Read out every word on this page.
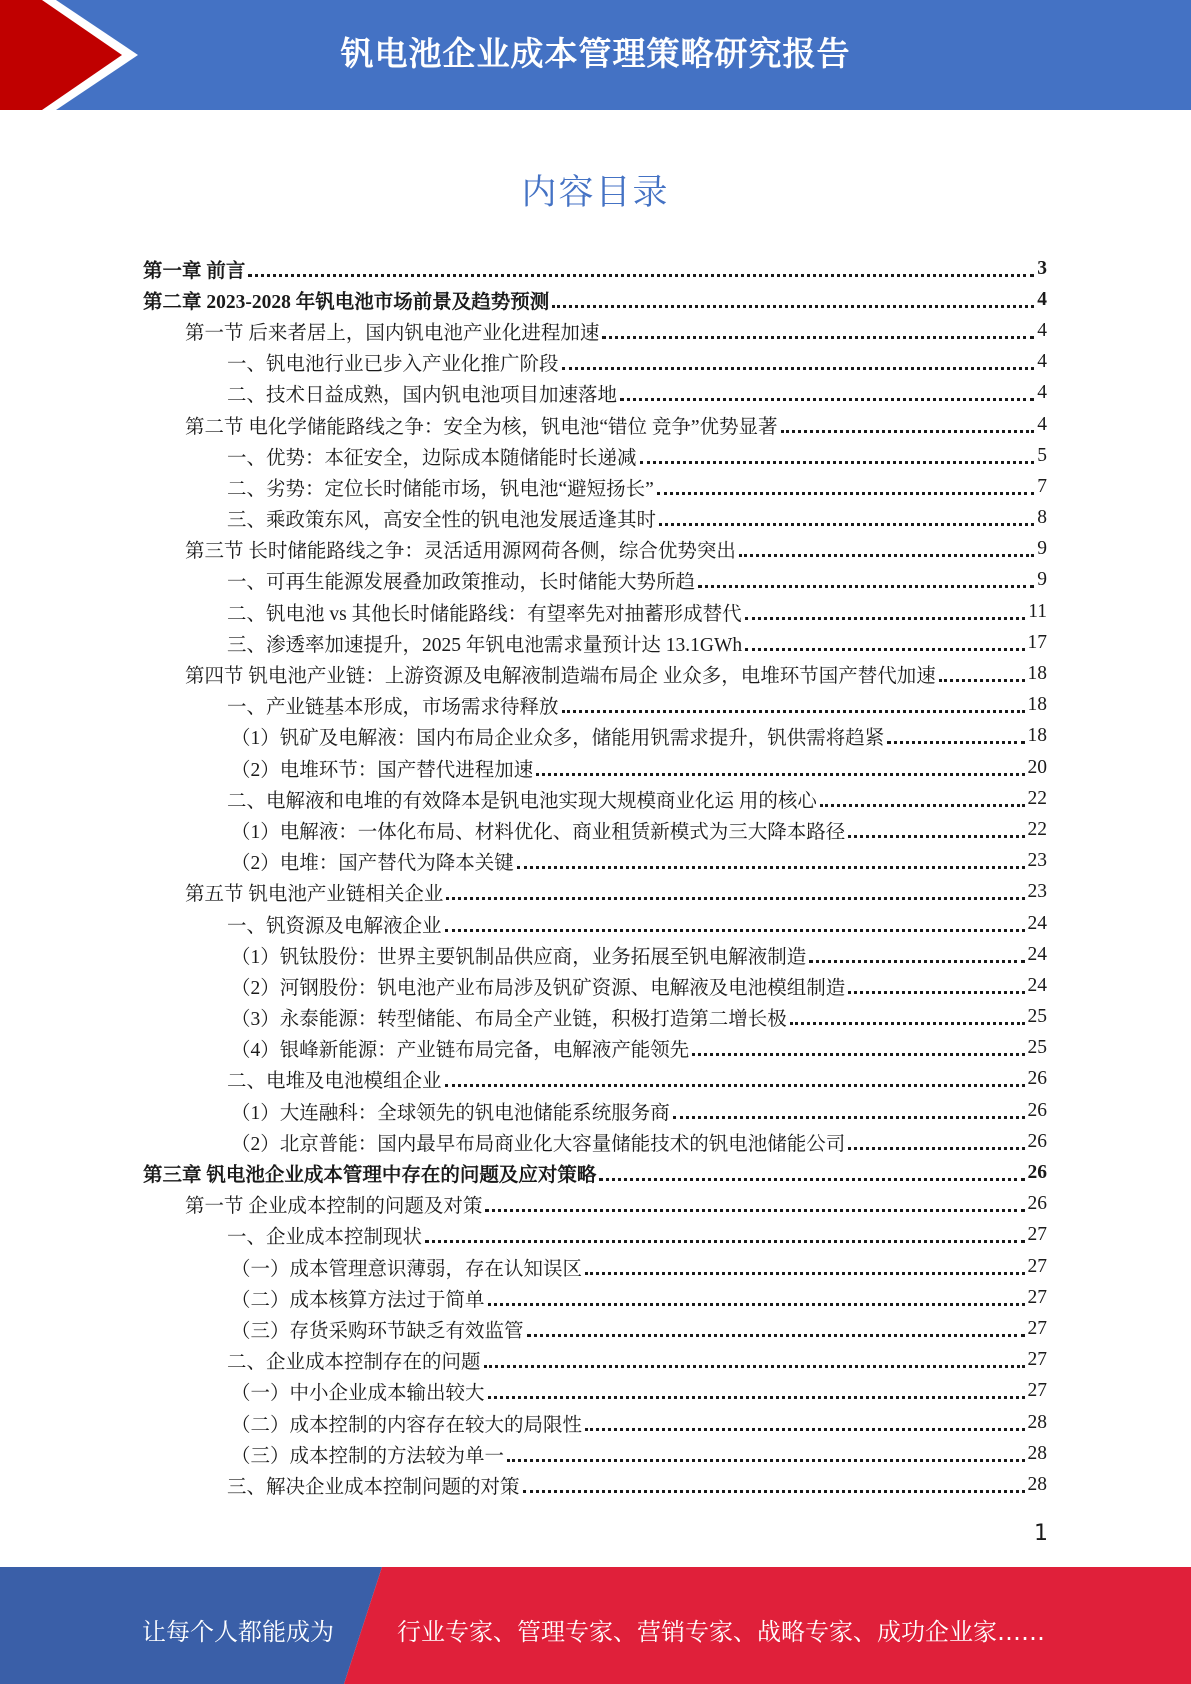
钒电池企业成本管理策略研究报告
内容目录
第一章 前言	3
第二章 2023-2028 年钒电池市场前景及趋势预测	4
第一节 后来者居上，国内钒电池产业化进程加速	4
一、钒电池行业已步入产业化推广阶段	4
二、技术日益成熟，国内钒电池项目加速落地	4
第二节 电化学储能路线之争：安全为核，钒电池“错位 竞争”优势显著	4
一、优势：本征安全，边际成本随储能时长递减	5
二、劣势：定位长时储能市场，钒电池“避短扬长”	7
三、乘政策东风，高安全性的钒电池发展适逢其时	8
第三节 长时储能路线之争：灵活适用源网荷各侧，综合优势突出	9
一、可再生能源发展叠加政策推动，长时储能大势所趋	9
二、钒电池 vs 其他长时储能路线：有望率先对抽蓄形成替代	11
三、渗透率加速提升，2025 年钒电池需求量预计达 13.1GWh	17
第四节 钒电池产业链：上游资源及电解液制造端布局企 业众多，电堆环节国产替代加速	18
一、产业链基本形成，市场需求待释放	18
（1）钒矿及电解液：国内布局企业众多，储能用钒需求提升，钒供需将趋紧	18
（2）电堆环节：国产替代进程加速	20
二、电解液和电堆的有效降本是钒电池实现大规模商业化运 用的核心	22
（1）电解液：一体化布局、材料优化、商业租赁新模式为三大降本路径	22
（2）电堆：国产替代为降本关键	23
第五节 钒电池产业链相关企业	23
一、钒资源及电解液企业	24
（1）钒钛股份：世界主要钒制品供应商，业务拓展至钒电解液制造	24
（2）河钢股份：钒电池产业布局涉及钒矿资源、电解液及电池模组制造	24
（3）永泰能源：转型储能、布局全产业链，积极打造第二增长极	25
（4）银峰新能源：产业链布局完备，电解液产能领先	25
二、电堆及电池模组企业	26
（1）大连融科：全球领先的钒电池储能系统服务商	26
（2）北京普能：国内最早布局商业化大容量储能技术的钒电池储能公司	26
第三章 钒电池企业成本管理中存在的问题及应对策略	26
第一节 企业成本控制的问题及对策	26
一、企业成本控制现状	27
（一）成本管理意识薄弱，存在认知误区	27
（二）成本核算方法过于简单	27
（三）存货采购环节缺乏有效监管	27
二、企业成本控制存在的问题	27
（一）中小企业成本输出较大	27
（二）成本控制的内容存在较大的局限性	28
（三）成本控制的方法较为单一	28
三、解决企业成本控制问题的对策	28
1
让每个人都能成为	行业专家、管理专家、营销专家、战略专家、成功企业家……
